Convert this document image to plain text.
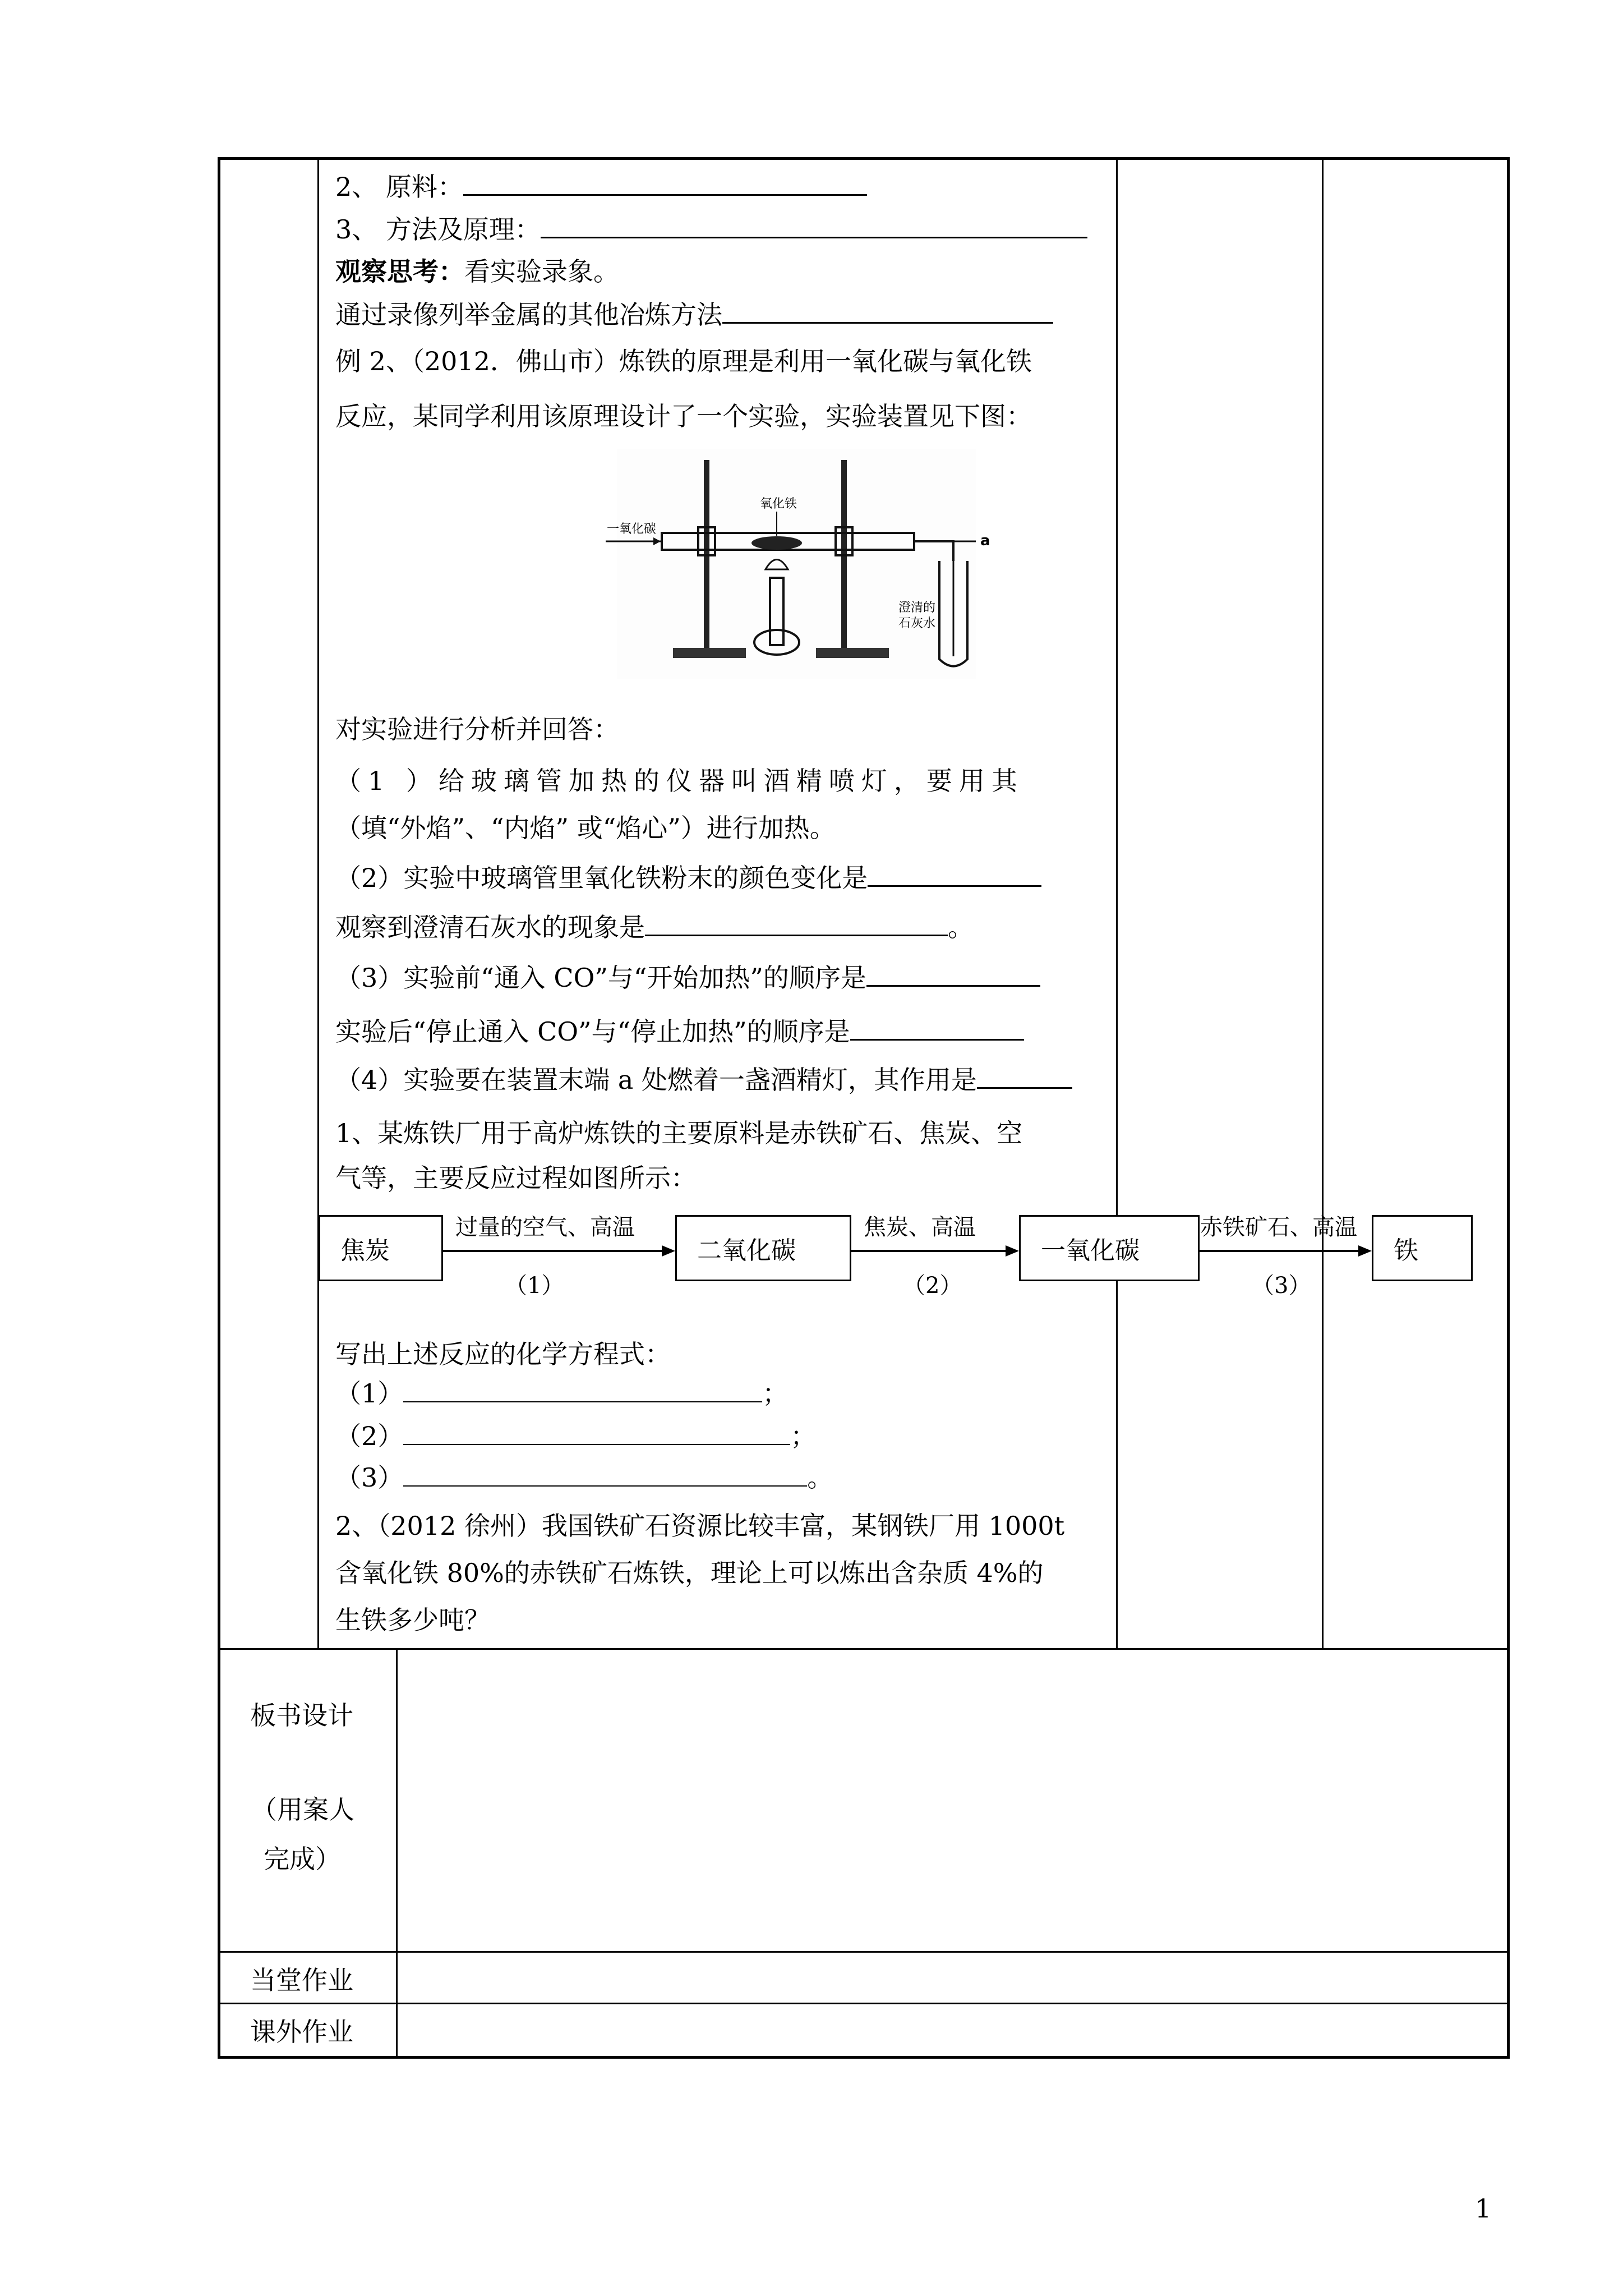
2、 原料：
3、 方法及原理：
观察思考：看实验录象。
通过录像列举金属的其他冶炼方法
例 2、（2012．佛山市）炼铁的原理是利用一氧化碳与氧化铁
反应，某同学利用该原理设计了一个实验，实验装置见下图：
一氧化碳
氧化铁
a
澄清的
石灰水
对实验进行分析并回答：
（1 ）给玻璃管加热的仪器叫酒精喷灯，要用其
（填“外焰”、“内焰” 或“焰心”）进行加热。
（2）实验中玻璃管里氧化铁粉末的颜色变化是
观察到澄清石灰水的现象是	。
（3）实验前“通入 CO”与“开始加热”的顺序是
实验后“停止通入 CO”与“停止加热”的顺序是
（4）实验要在装置末端 a 处燃着一盏酒精灯，其作用是
1、某炼铁厂用于高炉炼铁的主要原料是赤铁矿石、焦炭、空
气等，主要反应过程如图所示：
焦炭	二氧化碳	一氧化碳	铁
过量的空气、高温	焦炭、高温	赤铁矿石、高温
（1）	（2）	（3）
写出上述反应的化学方程式：
（1）	；
（2）	；
（3）	。
2、（2012 徐州）我国铁矿石资源比较丰富，某钢铁厂用 1000t
含氧化铁 80%的赤铁矿石炼铁，理论上可以炼出含杂质 4%的
生铁多少吨？
板书设计
（用案人
完成）
当堂作业
课外作业
1
